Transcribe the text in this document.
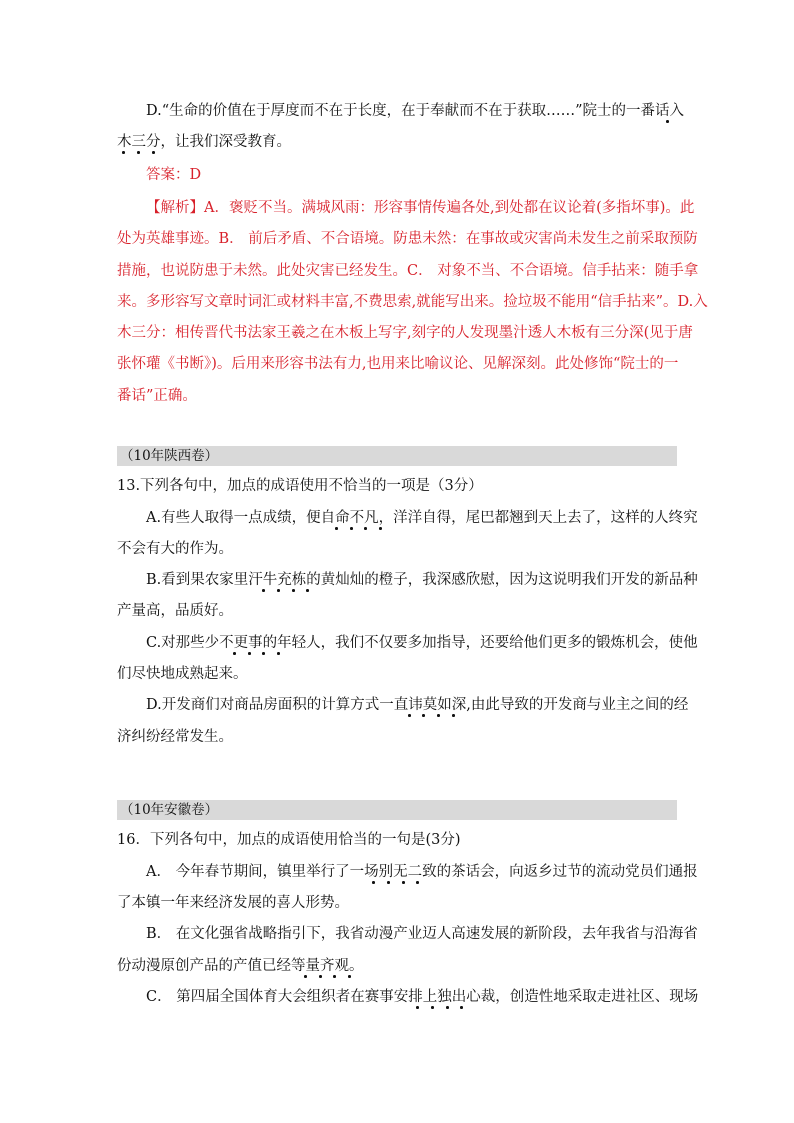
D.“生命的价值在于厚度而不在于长度，在于奉献而不在于获取……”院士的一番话入
木三分，让我们深受教育。
答案：D
【解析】A．褒贬不当。满城风雨：形容事情传遍各处,到处都在议论着(多指坏事)。此
处为英雄事迹。B． 前后矛盾、不合语境。防患未然：在事故或灾害尚未发生之前采取预防
措施，也说防患于未然。此处灾害已经发生。C． 对象不当、不合语境。信手拈来：随手拿
来。多形容写文章时词汇或材料丰富,不费思索,就能写出来。捡垃圾不能用“信手拈来”。D.入
木三分：相传晋代书法家王羲之在木板上写字,刻字的人发现墨汁透人木板有三分深(见于唐
张怀瓘《书断》)。后用来形容书法有力,也用来比喻议论、见解深刻。此处修饰“院士的一
番话”正确。
（10年陕西卷）
13.下列各句中，加点的成语使用不恰当的一项是（3分）
A.有些人取得一点成绩，便自命不凡，洋洋自得，尾巴都翘到天上去了，这样的人终究
不会有大的作为。
B.看到果农家里汗牛充栋的黄灿灿的橙子，我深感欣慰，因为这说明我们开发的新品种
产量高，品质好。
C.对那些少不更事的年轻人，我们不仅要多加指导，还要给他们更多的锻炼机会，使他
们尽快地成熟起来。
D.开发商们对商品房面积的计算方式一直讳莫如深,由此导致的开发商与业主之间的经
济纠纷经常发生。
（10年安徽卷）
16．下列各句中，加点的成语使用恰当的一句是(3分)
A． 今年春节期间，镇里举行了一场别无二致的茶话会，向返乡过节的流动党员们通报
了本镇一年来经济发展的喜人形势。
B． 在文化强省战略指引下，我省动漫产业迈人高速发展的新阶段，去年我省与沿海省
份动漫原创产品的产值已经等量齐观。
C． 第四届全国体育大会组织者在赛事安排上独出心裁，创造性地采取走进社区、现场
